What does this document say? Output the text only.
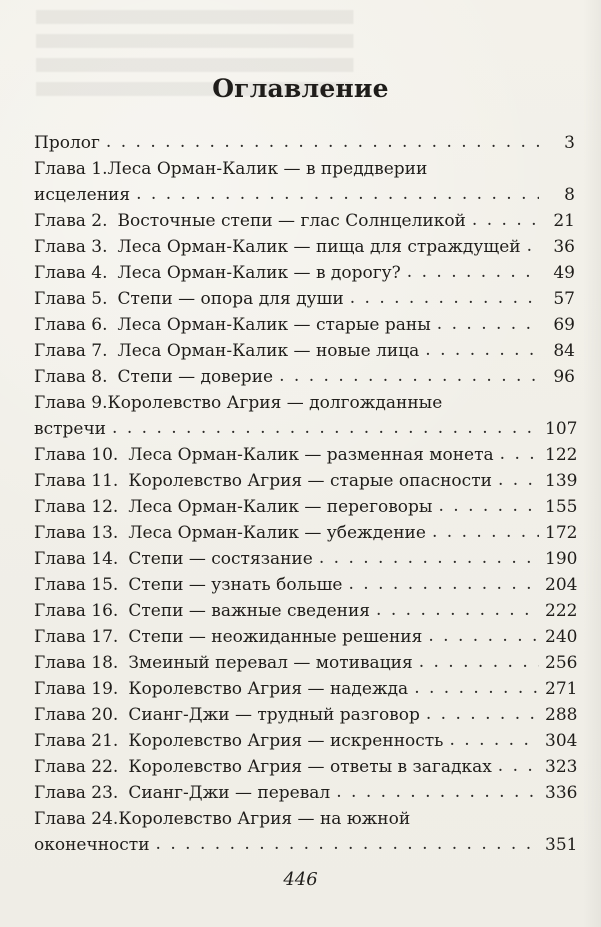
Оглавление
Пролог . . .	3
Глава 1.Леса Орман-Калик — в преддверии
исцеления . . .	8
Глава 2. Восточные степи — глас Солнцеликой . . .	21
Глава 3. Леса Орман-Калик — пища для страждущей . . .	36
Глава 4. Леса Орман-Калик — в дорогу? . . .	49
Глава 5. Степи — опора для души . . .	57
Глава 6. Леса Орман-Калик — старые раны . . .	69
Глава 7. Леса Орман-Калик — новые лица . . .	84
Глава 8. Степи — доверие . . .	96
Глава 9.Королевство Агрия — долгожданные
встречи . . .	107
Глава 10. Леса Орман-Калик — разменная монета . . .	122
Глава 11. Королевство Агрия — старые опасности . . .	139
Глава 12. Леса Орман-Калик — переговоры . . .	155
Глава 13. Леса Орман-Калик — убеждение . . .	172
Глава 14. Степи — состязание . . .	190
Глава 15. Степи — узнать больше . . .	204
Глава 16. Степи — важные сведения . . .	222
Глава 17. Степи — неожиданные решения . . .	240
Глава 18. Змеиный перевал — мотивация . . .	256
Глава 19. Королевство Агрия — надежда . . .	271
Глава 20. Сианг-Джи — трудный разговор . . .	288
Глава 21. Королевство Агрия — искренность . . .	304
Глава 22. Королевство Агрия — ответы в загадках . . .	323
Глава 23. Сианг-Джи — перевал . . .	336
Глава 24.Королевство Агрия — на южной
оконечности . . .	351
446
